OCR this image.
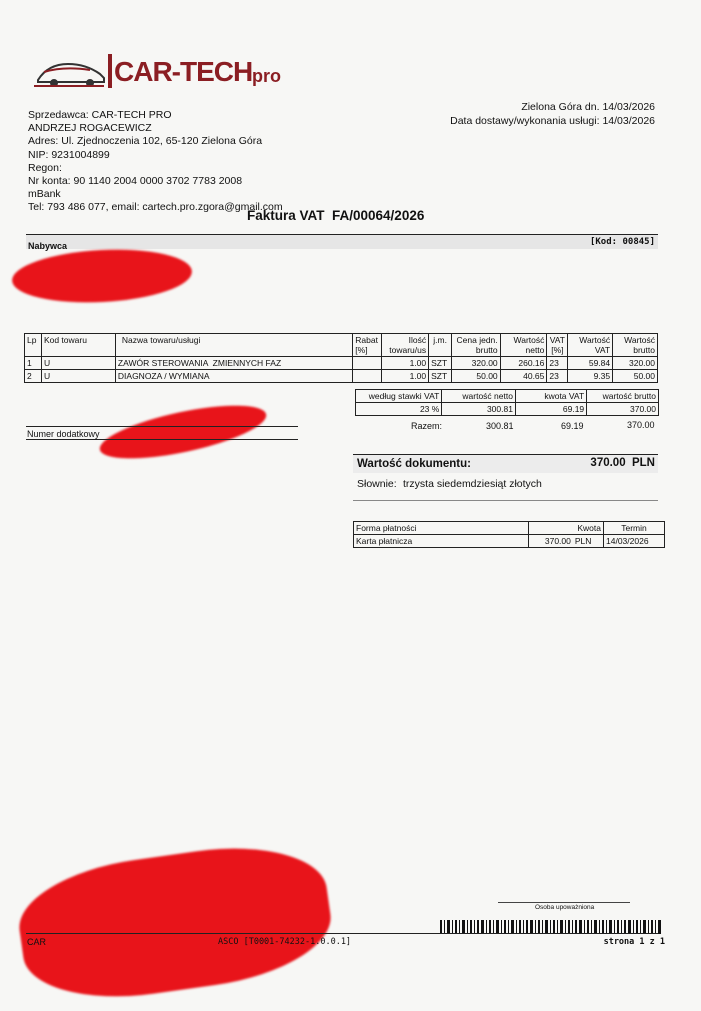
CAR-TECH pro
Sprzedawca: CAR-TECH PRO
ANDRZEJ ROGACEWICZ
Adres: Ul. Zjednoczenia 102, 65-120 Zielona Góra
NIP: 9231004899
Regon:
Nr konta: 90 1140 2004 0000 3702 7783 2008
mBank
Tel: 793 486 077, email: cartech.pro.zgora@gmail.com
Zielona Góra dn. 14/03/2026
Data dostawy/wykonania usługi: 14/03/2026
Faktura VAT  FA/00064/2026
Nabywca	[Kod: 00845]
Lp	Kod towaru	Nazwa towaru/usługi	Rabat [%]	Ilość towaru/us	j.m.	Cena jedn. brutto	Wartość netto	VAT [%]	Wartość VAT	Wartość brutto
1	U	ZAWÓR STEROWANIA  ZMIENNYCH FAZ		1.00	SZT	320.00	260.16	23	59.84	320.00
2	U	DIAGNOZA / WYMIANA		1.00	SZT	50.00	40.65	23	9.35	50.00
według stawki VAT	wartość netto	kwota VAT	wartość brutto
23 %	300.81	69.19	370.00
Razem:	300.81	69.19	370.00
Numer dodatkowy
Wartość dokumentu:	370.00  PLN
Słownie: trzysta siedemdziesiąt złotych
Forma płatności	Kwota		Termin
Karta płatnicza	370.00	PLN	14/03/2026
Osoba upoważniona
CAR	ASCO [T0001-74232-1.0.0.1]	strona 1 z 1
